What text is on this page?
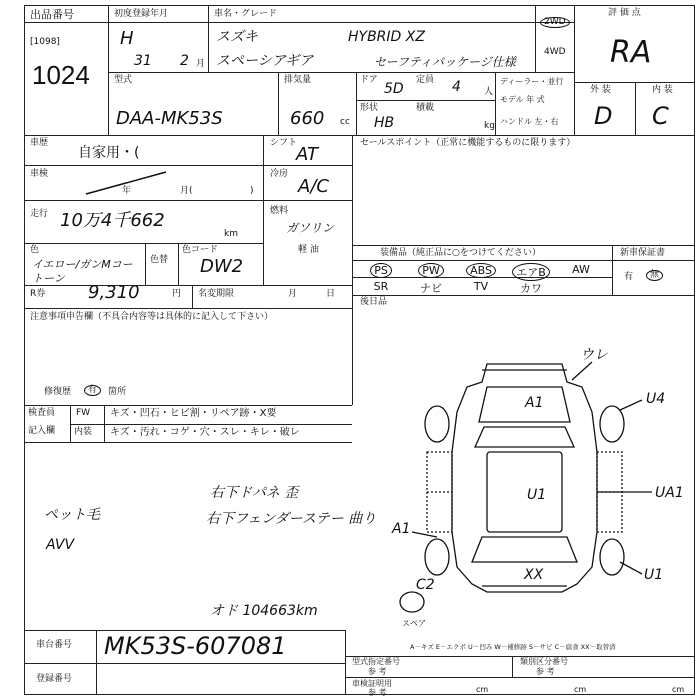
出品番号
[1098]
1024
初度登録年月
H
31 2 月
車名・グレード
スズキ
スペーシアギア
HYBRID XZ
セーフティパッケージ仕様
2WD
4WD
評 価 点
RA
外 装	内 装
D C
型式
DAA-MK53S
排気量
660 cc
ドア
5D
定員 4	人
形状
HB
積載
kg
ディーラー・並行
モデル 年 式
ハンドル 左・右
車歴
自家用・(
シフト
AT
車検
年	月(	)
冷房
A/C
走行 10万4千662
km
燃料
ガソリン
軽 油
色
イエロー/ガンMコートーン
色替
色コード
DW2
R券 9,310	円 名変期限	月	日
注意事項申告欄（不具合内容等は具体的に記入して下さい）
修復歴	有	箇所
セールスポイント（正常に機能するものに限ります）
装備品（純正品に○をつけてください）	新車保証書
有	無
後日品
PS	PW	ABS	エアB	AW
SR	ナビ	TV	カワ
検査員
記入欄
FW キズ・凹石・ヒビ割・リペア跡・X要
内装 キズ・汚れ・コゲ・穴・スレ・キレ・破レ
ペット毛
AVV
右下ドパネ 歪
右下フェンダーステー 曲り
オド 104663km
ウレ
A1	U4
U1	UA1
A1
XX	U1
C2
スペア
車台番号 MK53S-607081
登録番号
A－キズ E－エクボ U－凹み W－補修跡 S－サビ C－腐食 XX－取替済
型式指定番号
参 考
類別区分番号
参 考
車検証明用
参 考	cm	cm	cm
